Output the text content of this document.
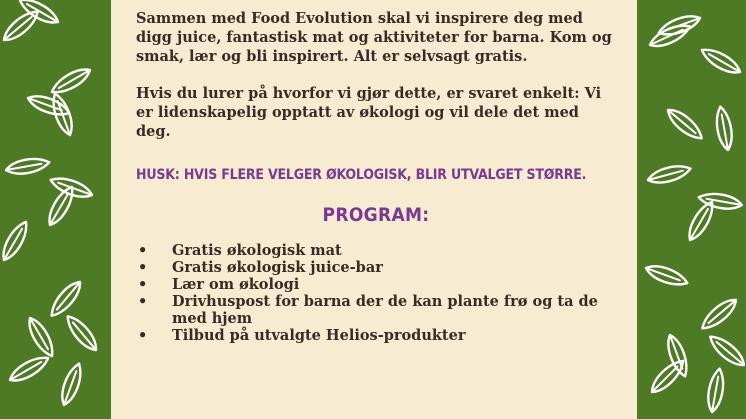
Sammen med Food Evolution skal vi inspirere deg med digg juice, fantastisk mat og aktiviteter for barna. Kom og smak, lær og bli inspirert. Alt er selvsagt gratis.

Hvis du lurer på hvorfor vi gjør dette, er svaret enkelt: Vi er lidenskapelig opptatt av økologi og vil dele det med deg.

HUSK: HVIS FLERE VELGER ØKOLOGISK, BLIR UTVALGET STØRRE.

PROGRAM:
• Gratis økologisk mat
• Gratis økologisk juice-bar
• Lær om økologi
• Drivhuspost for barna der de kan plante frø og ta de med hjem
• Tilbud på utvalgte Helios-produkter
